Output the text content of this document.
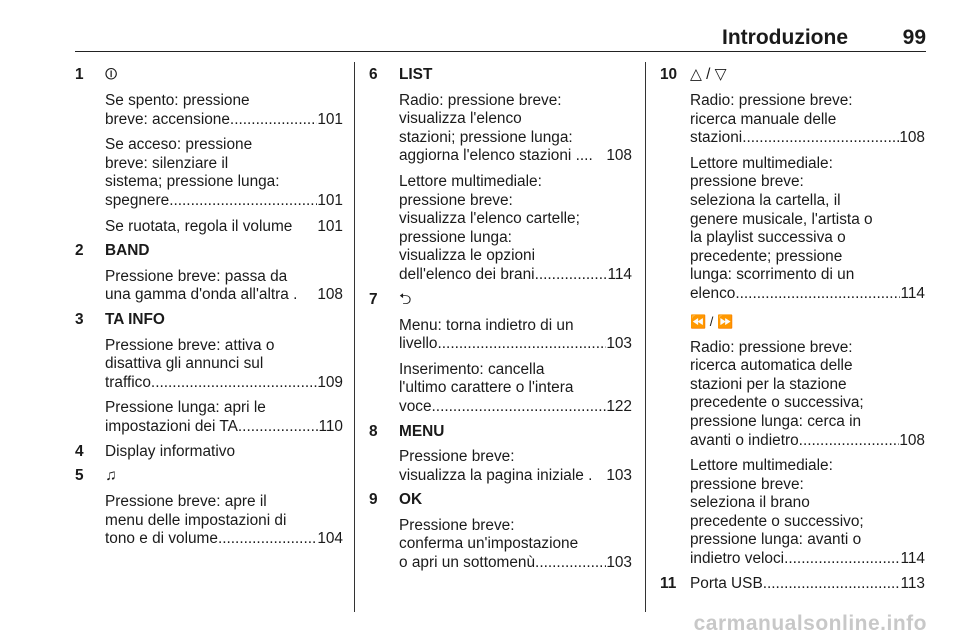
Introduzione	99
1 ⏼
Se spento: pressione
breve: accensione .....	101
Se acceso: pressione
breve: silenziare il
sistema; pressione lunga:
spegnere .....	101
Se ruotata, regola il volume 101
2 BAND
Pressione breve: passa da
una gamma d'onda all'altra . 108
3 TA INFO
Pressione breve: attiva o
disattiva gli annunci sul
traffico .....	109
Pressione lunga: apri le
impostazioni dei TA .....	110
4 Display informativo
5 ♫
Pressione breve: apre il
menu delle impostazioni di
tono e di volume .....	104
6 LIST
Radio: pressione breve:
visualizza l'elenco
stazioni; pressione lunga:
aggiorna l'elenco stazioni .... 108
Lettore multimediale:
pressione breve:
visualizza l'elenco cartelle;
pressione lunga:
visualizza le opzioni
dell'elenco dei brani .....	114
7 ⮌
Menu: torna indietro di un
livello .....	103
Inserimento: cancella
l'ultimo carattere o l'intera
voce .....	122
8 MENU
Pressione breve:
visualizza la pagina iniziale . 103
9 OK
Pressione breve:
conferma un'impostazione
o apri un sottomenù .....	103
10 △ / ▽
Radio: pressione breve:
ricerca manuale delle
stazioni .....	108
Lettore multimediale:
pressione breve:
seleziona la cartella, il
genere musicale, l'artista o
la playlist successiva o
precedente; pressione
lunga: scorrimento di un
elenco .....	114
⏪ / ⏩
Radio: pressione breve:
ricerca automatica delle
stazioni per la stazione
precedente o successiva;
pressione lunga: cerca in
avanti o indietro .....	108
Lettore multimediale:
pressione breve:
seleziona il brano
precedente o successivo;
pressione lunga: avanti o
indietro veloci .....	114
11 Porta USB .....	113
carmanualsonline.info
